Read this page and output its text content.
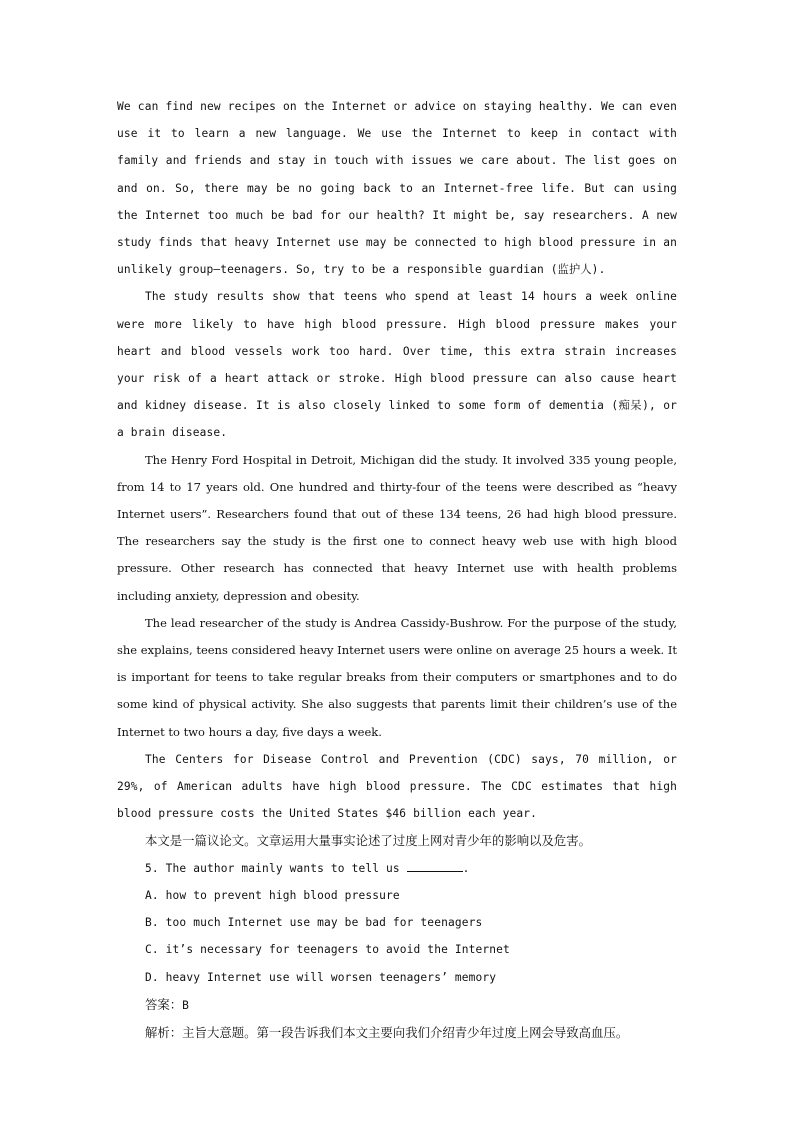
We can find new recipes on the Internet or advice on staying healthy. We can even use it to learn a new language. We use the Internet to keep in contact with family and friends and stay in touch with issues we care about. The list goes on and on. So, there may be no going back to an Internet-free life. But can using the Internet too much be bad for our health? It might be, say researchers. A new study finds that heavy Internet use may be connected to high blood pressure in an unlikely group—teenagers. So, try to be a responsible guardian (监护人).

The study results show that teens who spend at least 14 hours a week online were more likely to have high blood pressure. High blood pressure makes your heart and blood vessels work too hard. Over time, this extra strain increases your risk of a heart attack or stroke. High blood pressure can also cause heart and kidney disease. It is also closely linked to some form of dementia (痴呆), or a brain disease.

The Henry Ford Hospital in Detroit, Michigan did the study. It involved 335 young people, from 14 to 17 years old. One hundred and thirty-four of the teens were described as “heavy Internet users”. Researchers found that out of these 134 teens, 26 had high blood pressure. The researchers say the study is the first one to connect heavy web use with high blood pressure. Other research has connected that heavy Internet use with health problems including anxiety, depression and obesity.

The lead researcher of the study is Andrea Cassidy-Bushrow. For the purpose of the study, she explains, teens considered heavy Internet users were online on average 25 hours a week. It is important for teens to take regular breaks from their computers or smartphones and to do some kind of physical activity. She also suggests that parents limit their children’s use of the Internet to two hours a day, five days a week.

The Centers for Disease Control and Prevention (CDC) says, 70 million, or 29%, of American adults have high blood pressure. The CDC estimates that high blood pressure costs the United States $46 billion each year.

本文是一篇议论文。文章运用大量事实论述了过度上网对青少年的影响以及危害。

5. The author mainly wants to tell us	.

A. how to prevent high blood pressure

B. too much Internet use may be bad for teenagers

C. it’s necessary for teenagers to avoid the Internet

D. heavy Internet use will worsen teenagers’ memory

答案：B

解析：主旨大意题。第一段告诉我们本文主要向我们介绍青少年过度上网会导致高血压。
